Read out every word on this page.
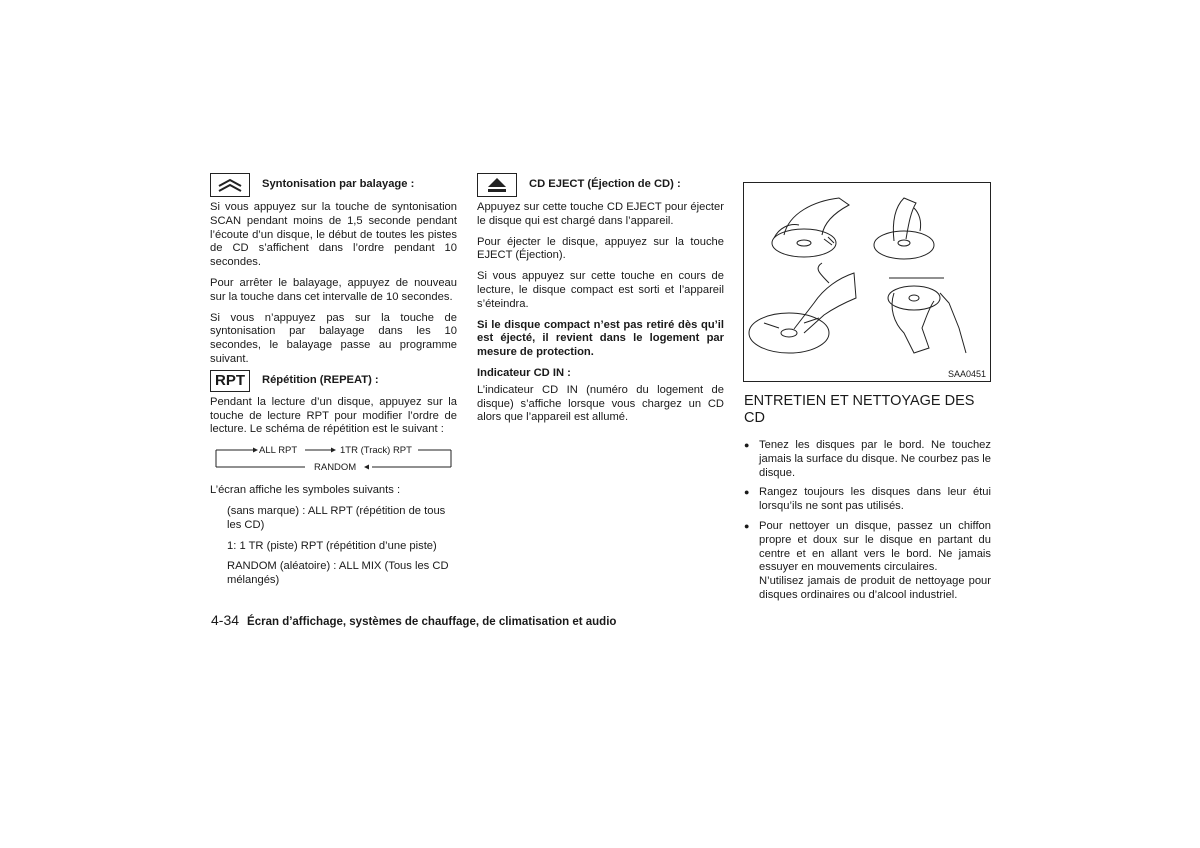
Syntonisation par balayage :

Si vous appuyez sur la touche de syntonisation SCAN pendant moins de 1,5 seconde pendant l’écoute d’un disque, le début de toutes les pistes de CD s’affichent dans l’ordre pendant 10 secondes.

Pour arrêter le balayage, appuyez de nouveau sur la touche dans cet intervalle de 10 secondes.

Si vous n’appuyez pas sur la touche de syntonisation par balayage dans les 10 secondes, le balayage passe au programme suivant.

RPT Répétition (REPEAT) :

Pendant la lecture d’un disque, appuyez sur la touche de lecture RPT pour modifier l’ordre de lecture. Le schéma de répétition est le suivant :

ALL RPT	1TR (Track) RPT
RANDOM

L’écran affiche les symboles suivants :

(sans marque) : ALL RPT (répétition de tous les CD)

1: 1 TR (piste) RPT (répétition d’une piste)

RANDOM (aléatoire) : ALL MIX (Tous les CD mélangés)

CD EJECT (Éjection de CD) :

Appuyez sur cette touche CD EJECT pour éjecter le disque qui est chargé dans l’appareil.

Pour éjecter le disque, appuyez sur la touche EJECT (Éjection).

Si vous appuyez sur cette touche en cours de lecture, le disque compact est sorti et l’appareil s’éteindra.

Si le disque compact n’est pas retiré dès qu’il est éjecté, il revient dans le logement par mesure de protection.

Indicateur CD IN :

L’indicateur CD IN (numéro du logement de disque) s’affiche lorsque vous chargez un CD alors que l’appareil est allumé.

SAA0451
ENTRETIEN ET NETTOYAGE DES CD
● Tenez les disques par le bord. Ne touchez jamais la surface du disque. Ne courbez pas le disque.
● Rangez toujours les disques dans leur étui lorsqu’ils ne sont pas utilisés.
● Pour nettoyer un disque, passez un chiffon propre et doux sur le disque en partant du centre et en allant vers le bord. Ne jamais essuyer en mouvements circulaires.
N’utilisez jamais de produit de nettoyage pour disques ordinaires ou d’alcool industriel.
4-34 Écran d’affichage, systèmes de chauffage, de climatisation et audio
